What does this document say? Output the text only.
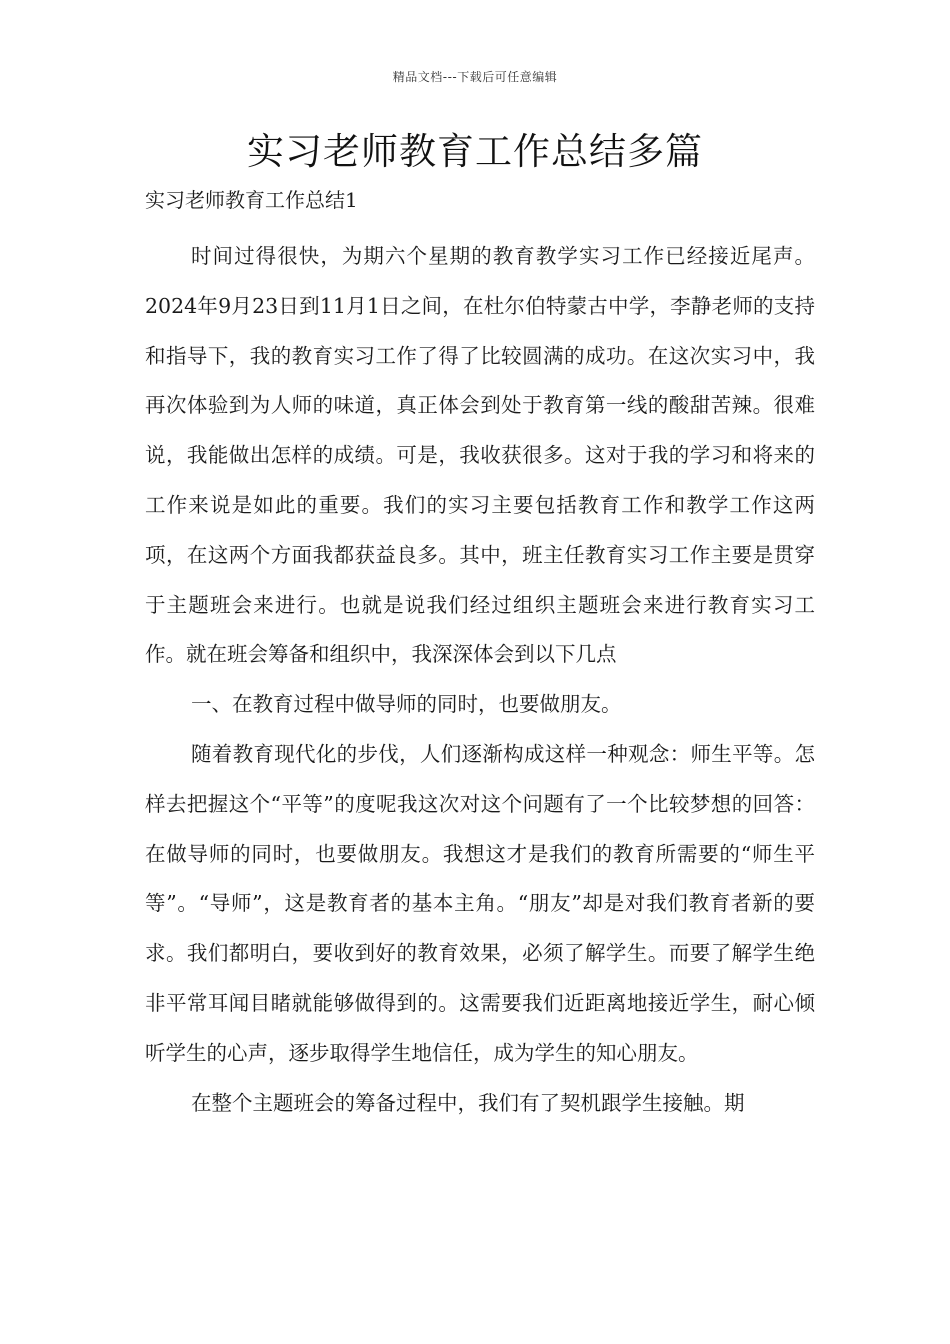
精品文档---下载后可任意编辑
实习老师教育工作总结多篇
实习老师教育工作总结1

时间过得很快，为期六个星期的教育教学实习工作已经接近尾声。2024年9月23日到11月1日之间，在杜尔伯特蒙古中学，李静老师的支持和指导下，我的教育实习工作了得了比较圆满的成功。在这次实习中，我再次体验到为人师的味道，真正体会到处于教育第一线的酸甜苦辣。很难说，我能做出怎样的成绩。可是，我收获很多。这对于我的学习和将来的工作来说是如此的重要。我们的实习主要包括教育工作和教学工作这两项，在这两个方面我都获益良多。其中，班主任教育实习工作主要是贯穿于主题班会来进行。也就是说我们经过组织主题班会来进行教育实习工作。就在班会筹备和组织中，我深深体会到以下几点

一、在教育过程中做导师的同时，也要做朋友。

随着教育现代化的步伐，人们逐渐构成这样一种观念：师生平等。怎样去把握这个“平等”的度呢我这次对这个问题有了一个比较梦想的回答：在做导师的同时，也要做朋友。我想这才是我们的教育所需要的“师生平等”。“导师”，这是教育者的基本主角。“朋友”却是对我们教育者新的要求。我们都明白，要收到好的教育效果，必须了解学生。而要了解学生绝非平常耳闻目睹就能够做得到的。这需要我们近距离地接近学生，耐心倾听学生的心声，逐步取得学生地信任，成为学生的知心朋友。

在整个主题班会的筹备过程中，我们有了契机跟学生接触。期
